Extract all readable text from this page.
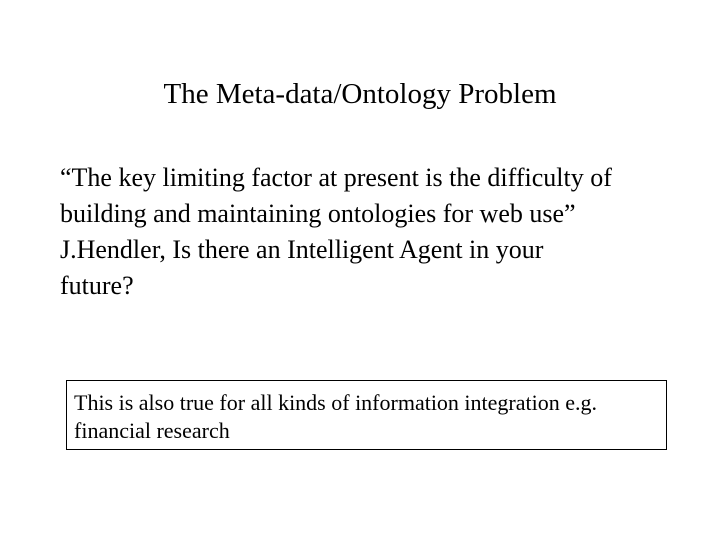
The Meta-data/Ontology Problem

“The key limiting factor at present is the difficulty of
building and maintaining ontologies for web use”

J.Hendler, Is there an Intelligent Agent in your
future?

This is also true for all kinds of information integration e.g.
financial research
